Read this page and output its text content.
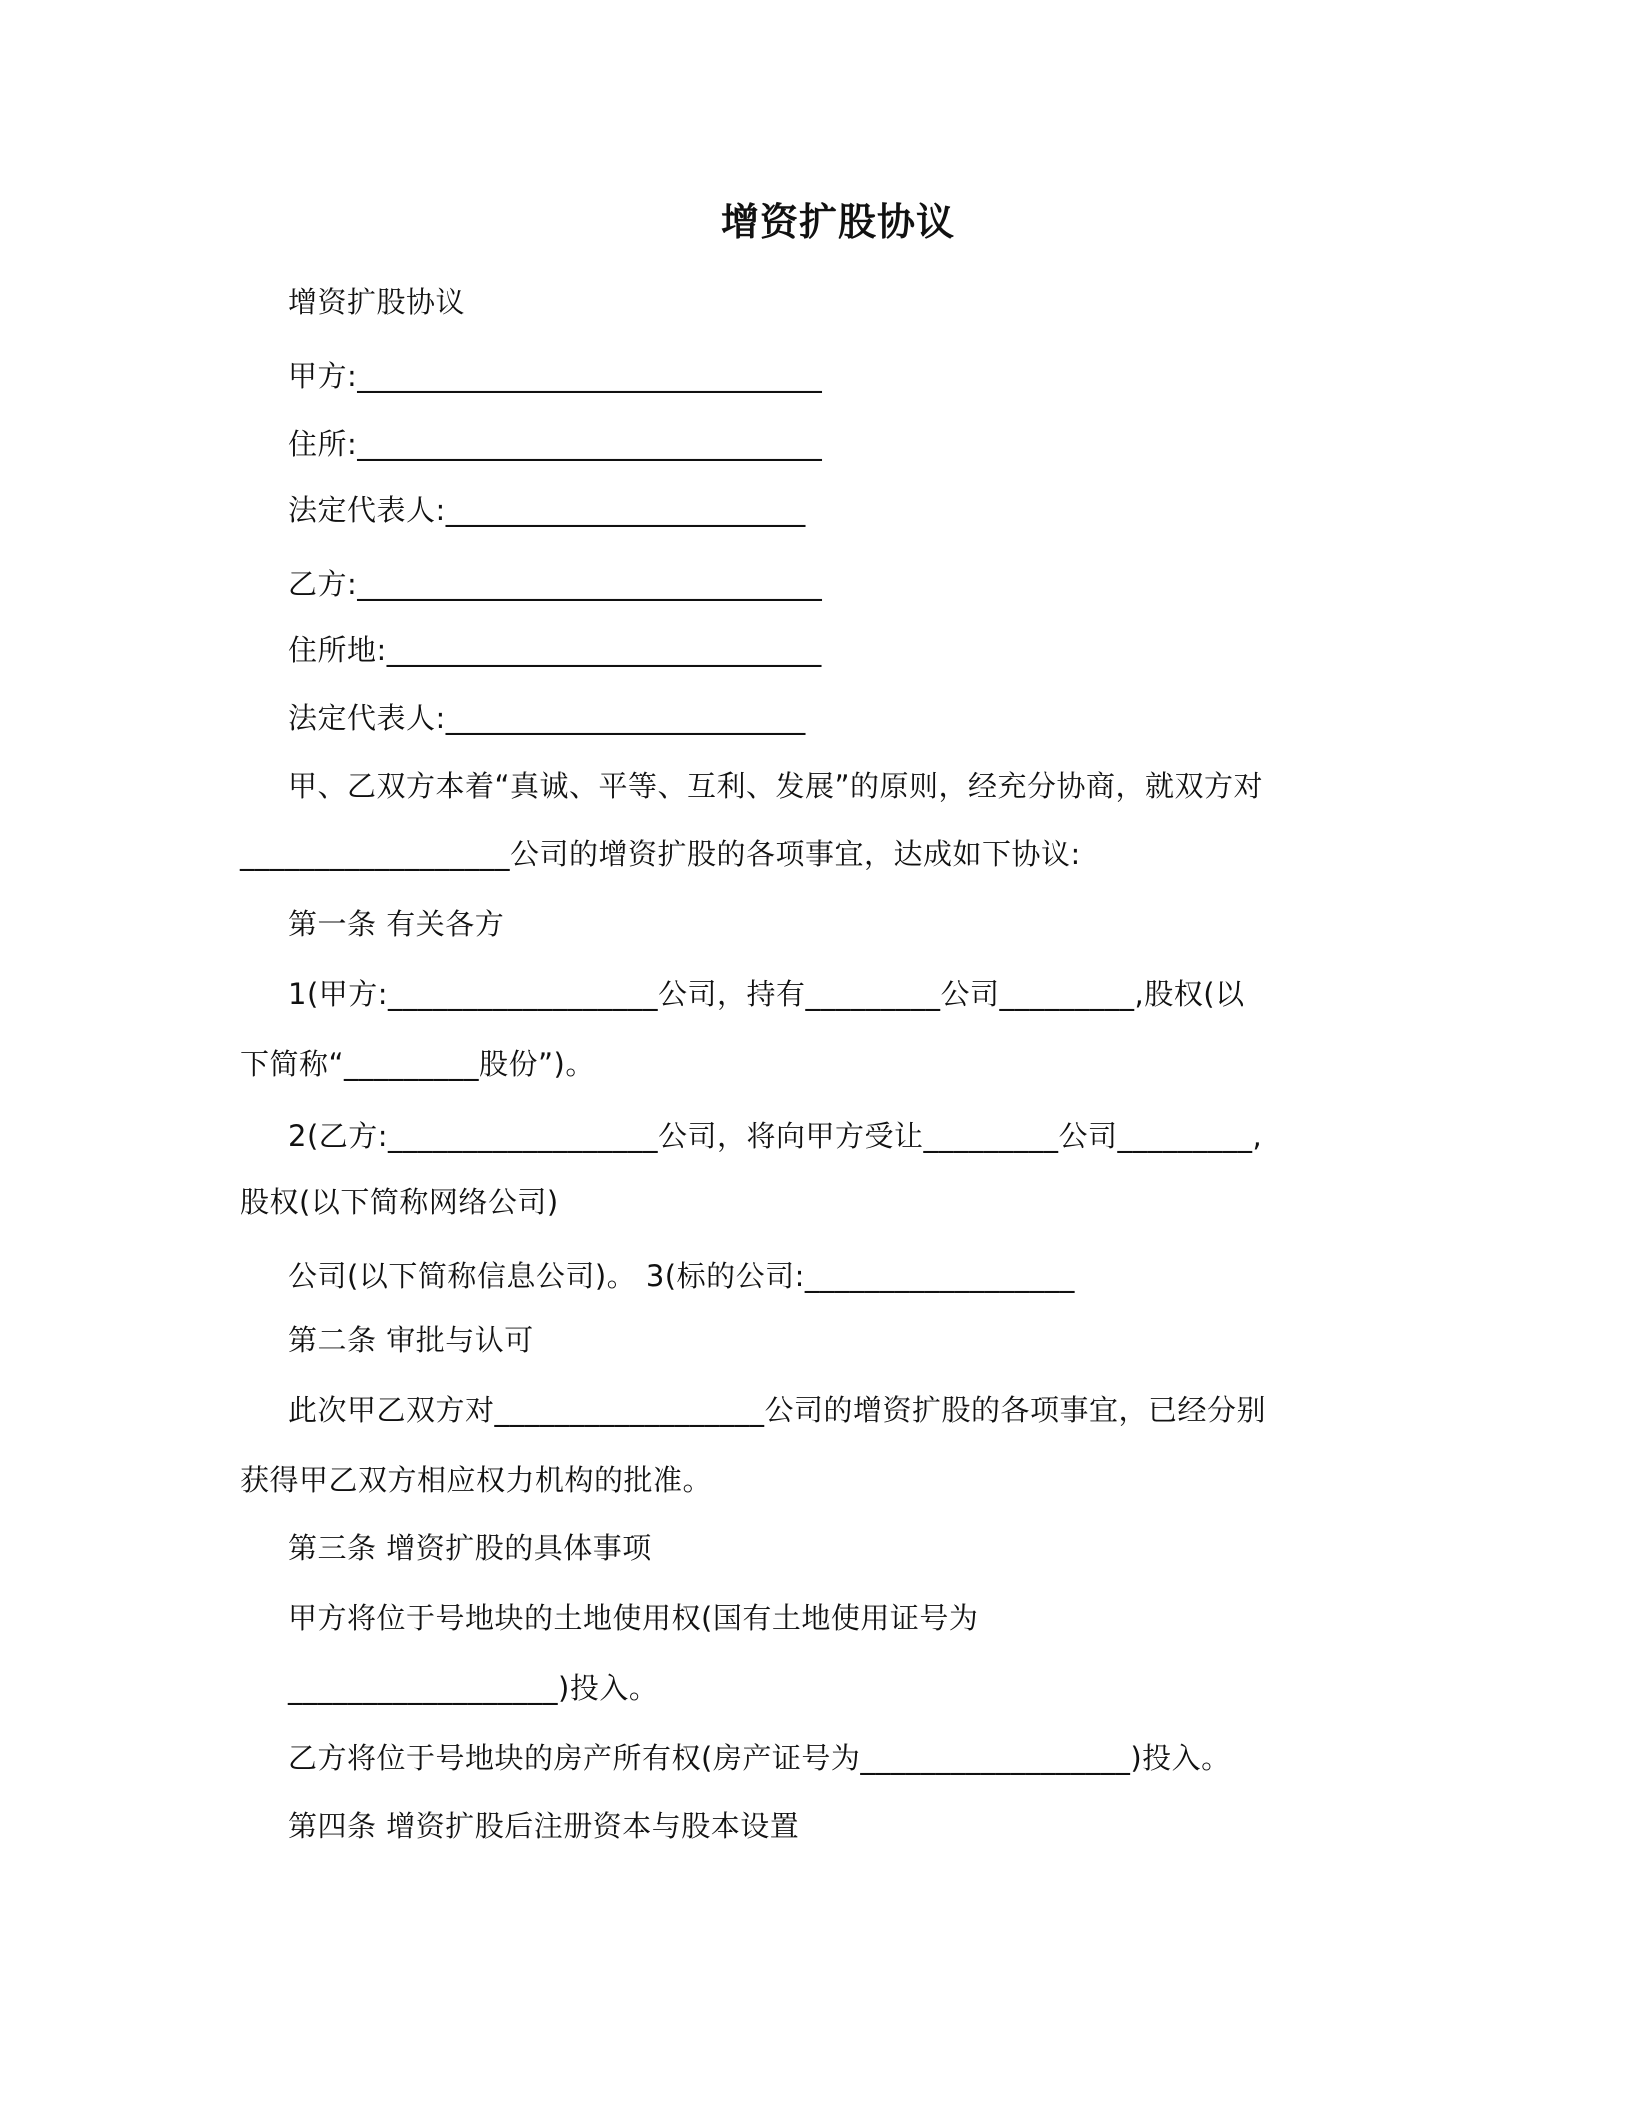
增资扩股协议
增资扩股协议
甲方:_______________________________
住所:_______________________________
法定代表人:________________________
乙方:_______________________________
住所地:_____________________________
法定代表人:________________________
甲、乙双方本着“真诚、平等、互利、发展”的原则，经充分协商，就双方对
__________________公司的增资扩股的各项事宜，达成如下协议:
第一条 有关各方
1(甲方:__________________公司，持有_________公司_________,股权(以
下简称“_________股份”)。
2(乙方:__________________公司，将向甲方受让_________公司_________,
股权(以下简称网络公司)
公司(以下简称信息公司)。 3(标的公司:__________________
第二条 审批与认可
此次甲乙双方对__________________公司的增资扩股的各项事宜，已经分别
获得甲乙双方相应权力机构的批准。
第三条 增资扩股的具体事项
甲方将位于号地块的土地使用权(国有土地使用证号为
__________________)投入。
乙方将位于号地块的房产所有权(房产证号为__________________)投入。
第四条 增资扩股后注册资本与股本设置
